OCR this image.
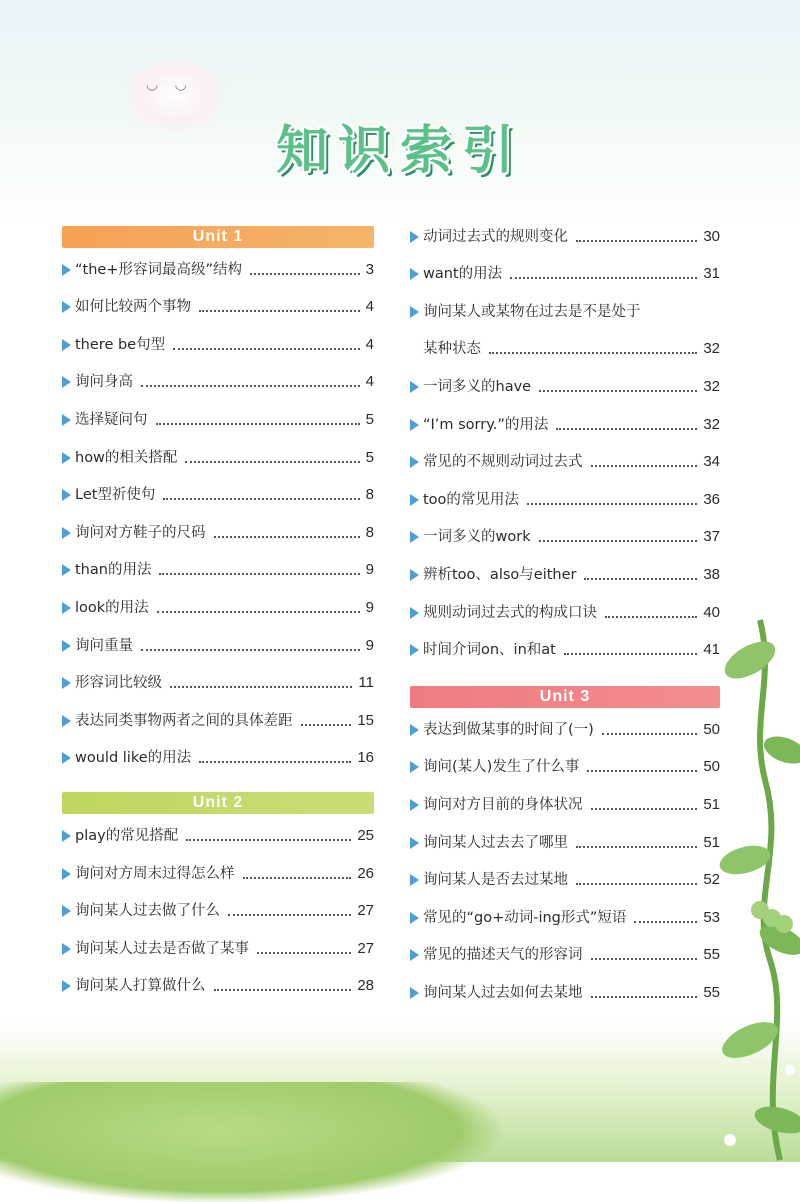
◡ ◡
知识索引
Unit 1
“the+形容词最高级”结构	3
如何比较两个事物	4
there be句型	4
询问身高	4
选择疑问句	5
how的相关搭配	5
Let型祈使句	8
询问对方鞋子的尺码	8
than的用法	9
look的用法	9
询问重量	9
形容词比较级	11
表达同类事物两者之间的具体差距	15
would like的用法	16
Unit 2
play的常见搭配	25
询问对方周末过得怎么样	26
询问某人过去做了什么	27
询问某人过去是否做了某事	27
询问某人打算做什么	28
动词过去式的规则变化	30
want的用法	31
询问某人或某物在过去是不是处于
某种状态	32
一词多义的have	32
“I’m sorry.”的用法	32
常见的不规则动词过去式	34
too的常见用法	36
一词多义的work	37
辨析too、also与either	38
规则动词过去式的构成口诀	40
时间介词on、in和at	41
Unit 3
表达到做某事的时间了(一)	50
询问(某人)发生了什么事	50
询问对方目前的身体状况	51
询问某人过去去了哪里	51
询问某人是否去过某地	52
常见的“go+动词-ing形式”短语	53
常见的描述天气的形容词	55
询问某人过去如何去某地	55
